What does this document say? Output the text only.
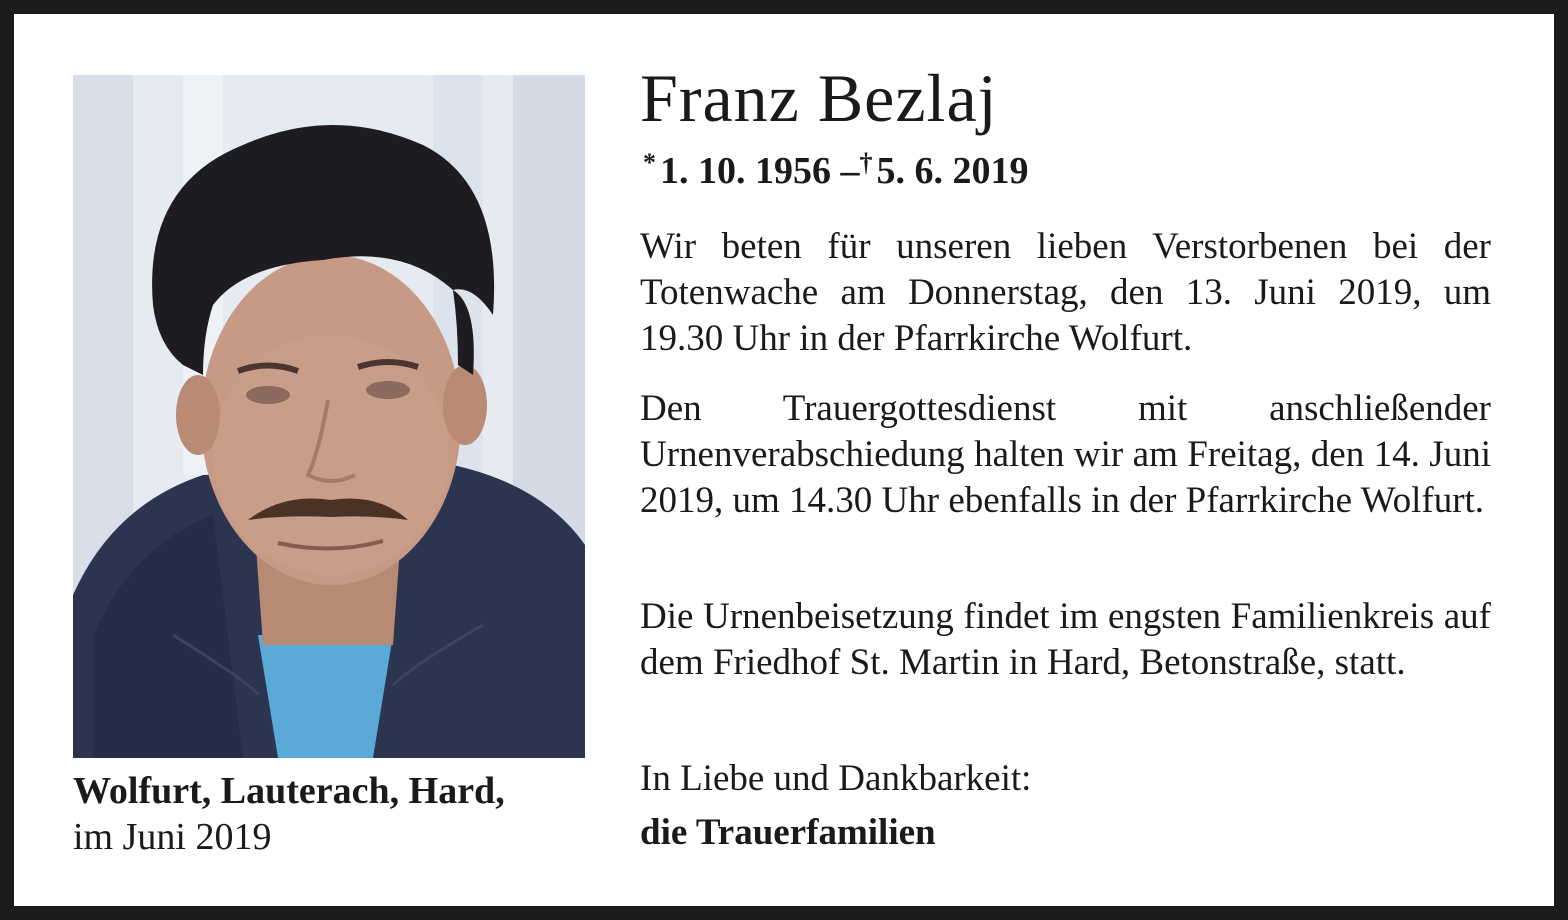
Wolfurt, Lauterach, Hard,
im Juni 2019
Franz Bezlaj
* 1. 10. 1956 –† 5. 6. 2019
Wir beten für unseren lieben Verstorbenen bei der Totenwache am Donnerstag, den 13. Juni 2019, um 19.30 Uhr in der Pfarrkirche Wolfurt.
Den Trauergottesdienst mit anschließender Urnenverabschiedung halten wir am Freitag, den 14. Juni 2019, um 14.30 Uhr ebenfalls in der Pfarrkirche Wolfurt.
Die Urnenbeisetzung findet im engsten Familienkreis auf dem Friedhof St. Martin in Hard, Betonstraße, statt.
In Liebe und Dankbarkeit:
die Trauerfamilien
